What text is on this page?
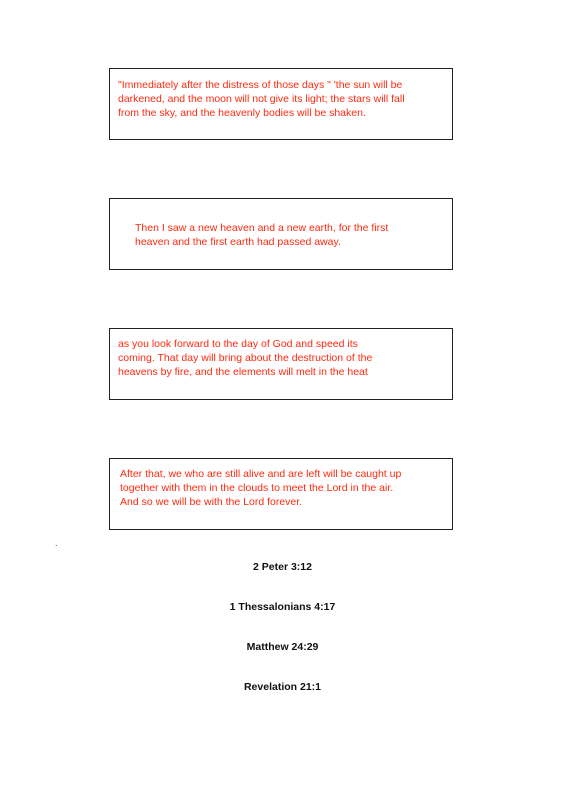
"Immediately after the distress of those days " 'the sun will be
darkened, and the moon will not give its light; the stars will fall
from the sky, and the heavenly bodies will be shaken.
Then I saw a new heaven and a new earth, for the first
heaven and the first earth had passed away.
as you look forward to the day of God and speed its
coming. That day will bring about the destruction of the
heavens by fire, and the elements will melt in the heat
After that, we who are still alive and are left will be caught up
together with them in the clouds to meet the Lord in the air.
And so we will be with the Lord forever.
.
2 Peter 3:12
1 Thessalonians 4:17
Matthew 24:29
Revelation 21:1
